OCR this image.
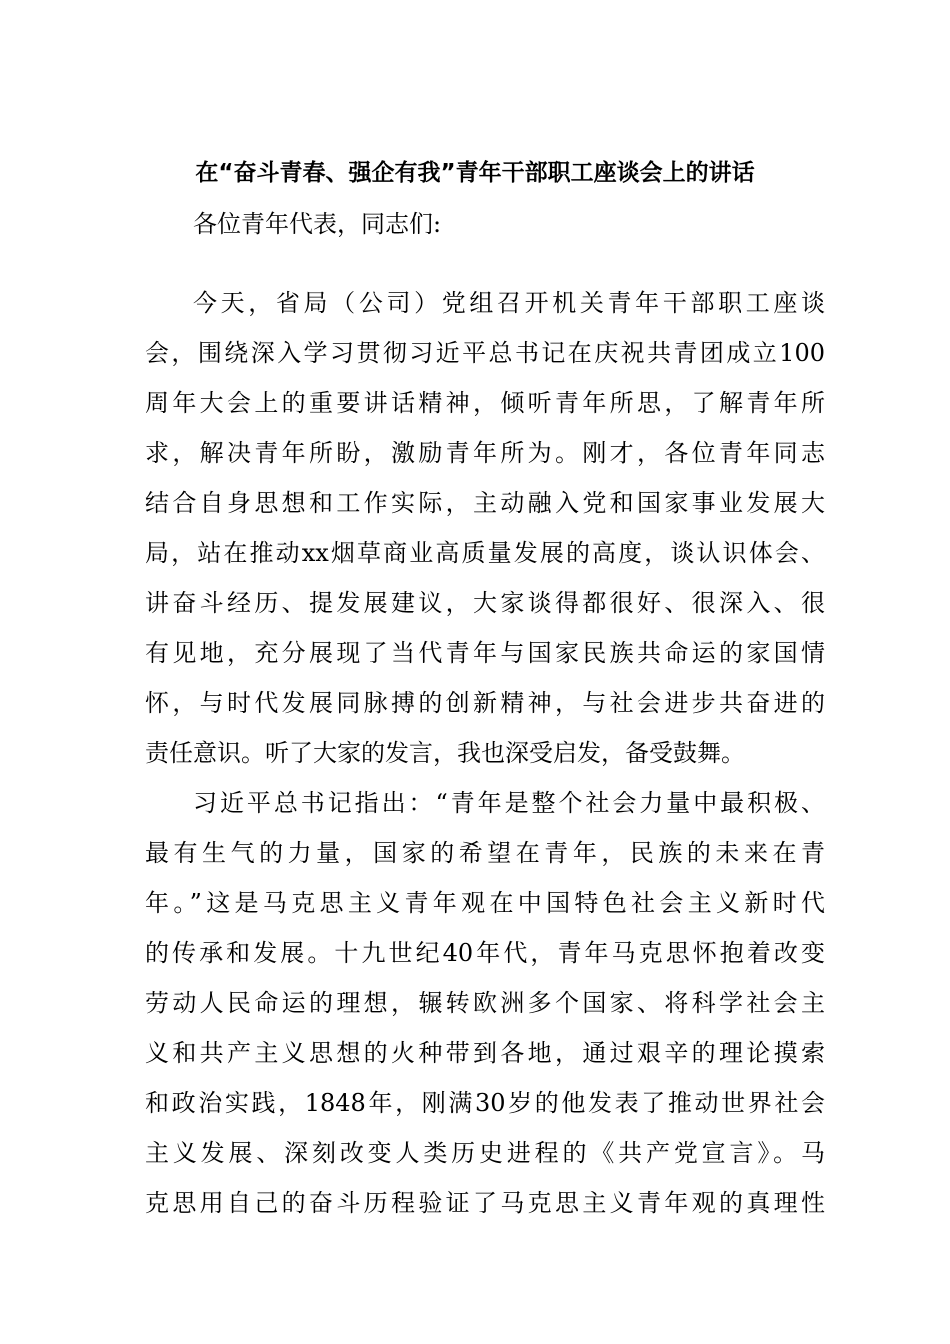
在“奋斗青春、强企有我”青年干部职工座谈会上的讲话
各位青年代表，同志们:
今天，省局（公司）党组召开机关青年干部职工座谈
会，围绕深入学习贯彻习近平总书记在庆祝共青团成立100
周年大会上的重要讲话精神，倾听青年所思，了解青年所
求，解决青年所盼，激励青年所为。刚才，各位青年同志
结合自身思想和工作实际，主动融入党和国家事业发展大
局，站在推动xx烟草商业高质量发展的高度，谈认识体会、
讲奋斗经历、提发展建议，大家谈得都很好、很深入、很
有见地，充分展现了当代青年与国家民族共命运的家国情
怀，与时代发展同脉搏的创新精神，与社会进步共奋进的
责任意识。听了大家的发言，我也深受启发，备受鼓舞。
习近平总书记指出：“青年是整个社会力量中最积极、
最有生气的力量，国家的希望在青年，民族的未来在青
年。”这是马克思主义青年观在中国特色社会主义新时代
的传承和发展。十九世纪40年代，青年马克思怀抱着改变
劳动人民命运的理想，辗转欧洲多个国家、将科学社会主
义和共产主义思想的火种带到各地，通过艰辛的理论摸索
和政治实践，1848年，刚满30岁的他发表了推动世界社会
主义发展、深刻改变人类历史进程的《共产党宣言》。马
克思用自己的奋斗历程验证了马克思主义青年观的真理性
